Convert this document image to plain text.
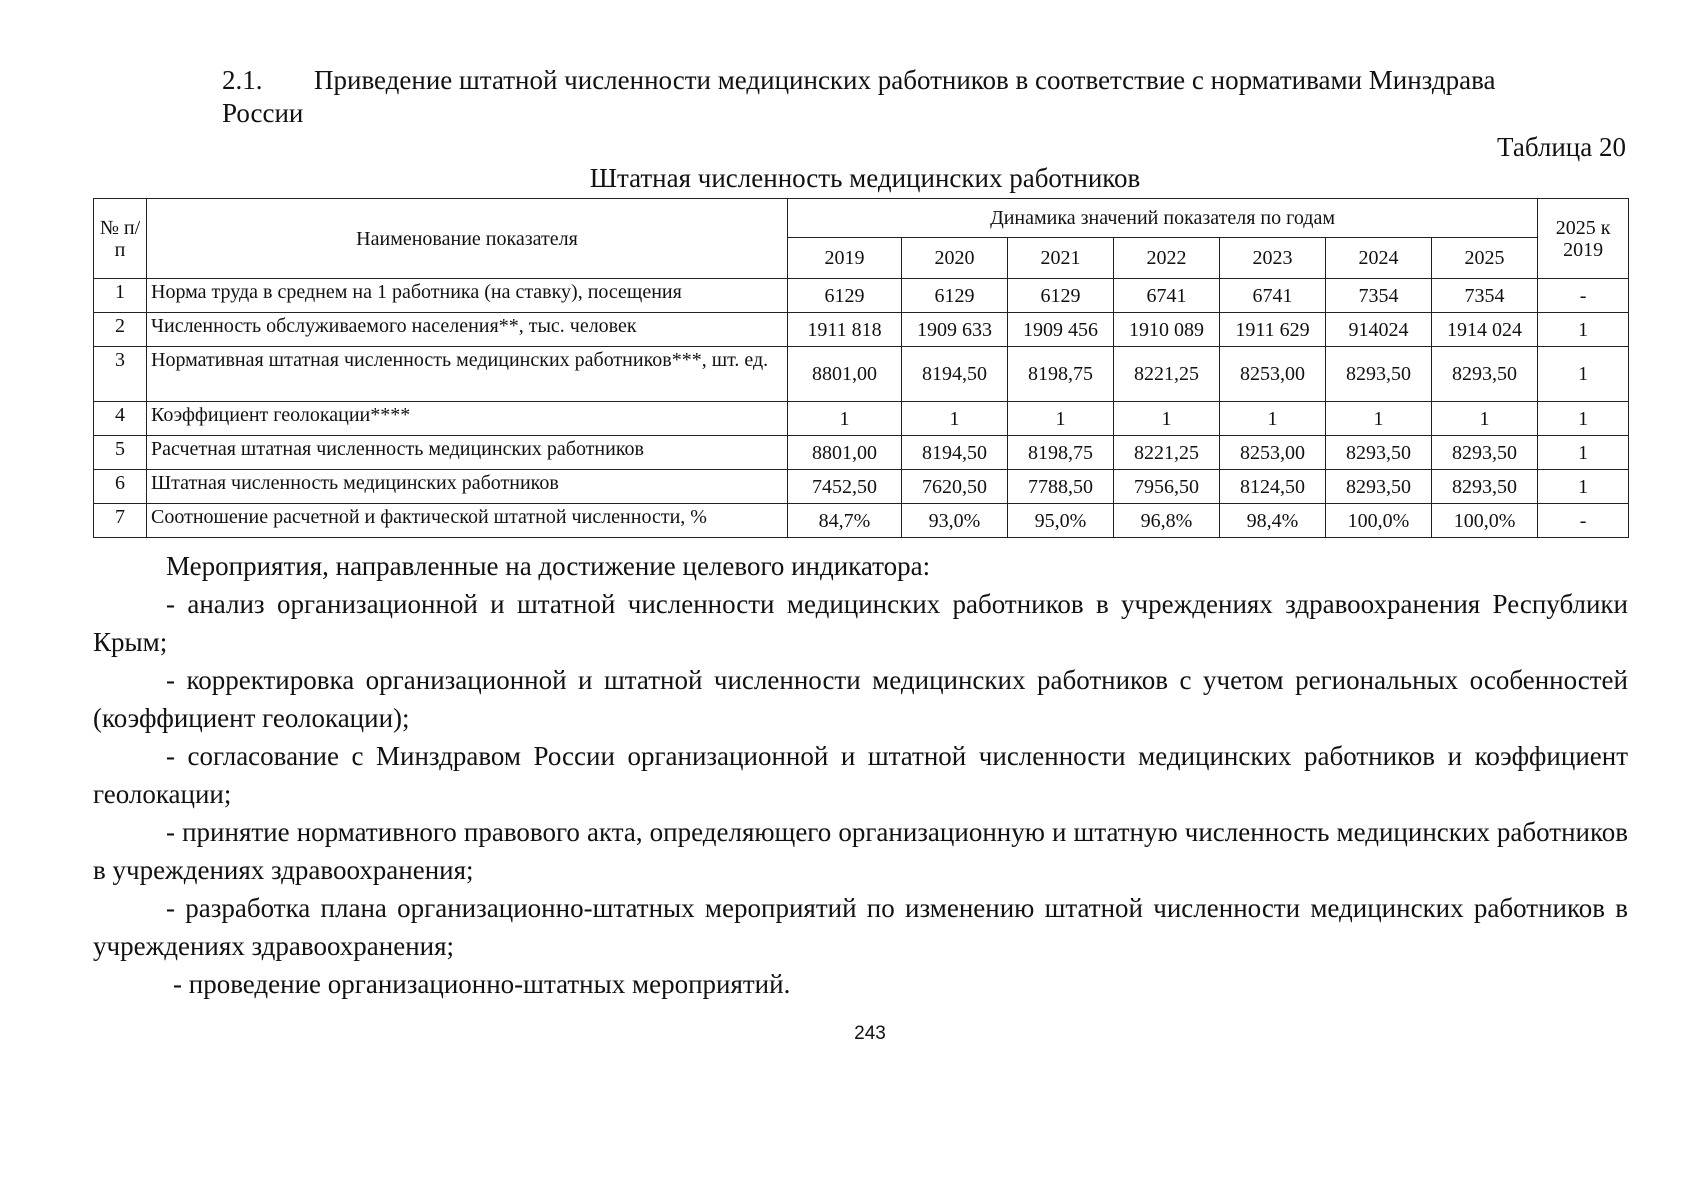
2.1. Приведение штатной численности медицинских работников в соответствие с нормативами Минздрава
России
Таблица 20
Штатная численность медицинских работников
№ п/п	Наименование показателя	Динамика значений показателя по годам							2025 к 2019
		2019	2020	2021	2022	2023	2024	2025	
1	Норма труда в среднем на 1 работника (на ставку), посещения	6129	6129	6129	6741	6741	7354	7354	-
2	Численность обслуживаемого населения**, тыс. человек	1911 818	1909 633	1909 456	1910 089	1911 629	914024	1914 024	1
3	Нормативная штатная численность медицинских работников***, шт. ед.	8801,00	8194,50	8198,75	8221,25	8253,00	8293,50	8293,50	1
4	Коэффициент геолокации****	1	1	1	1	1	1	1	1
5	Расчетная штатная численность медицинских работников	8801,00	8194,50	8198,75	8221,25	8253,00	8293,50	8293,50	1
6	Штатная численность медицинских работников	7452,50	7620,50	7788,50	7956,50	8124,50	8293,50	8293,50	1
7	Соотношение расчетной и фактической штатной численности, %	84,7%	93,0%	95,0%	96,8%	98,4%	100,0%	100,0%	-

Мероприятия, направленные на достижение целевого индикатора:

- анализ организационной и штатной численности медицинских работников в учреждениях здравоохранения Республики Крым;

- корректировка организационной и штатной численности медицинских работников с учетом региональных особенностей (коэффициент геолокации);

- согласование с Минздравом России организационной и штатной численности медицинских работников и коэффициент геолокации;

- принятие нормативного правового акта, определяющего организационную и штатную численность медицинских работников в учреждениях здравоохранения;

- разработка плана организационно-штатных мероприятий по изменению штатной численности медицинских работников в учреждениях здравоохранения;

- проведение организационно-штатных мероприятий.

243
